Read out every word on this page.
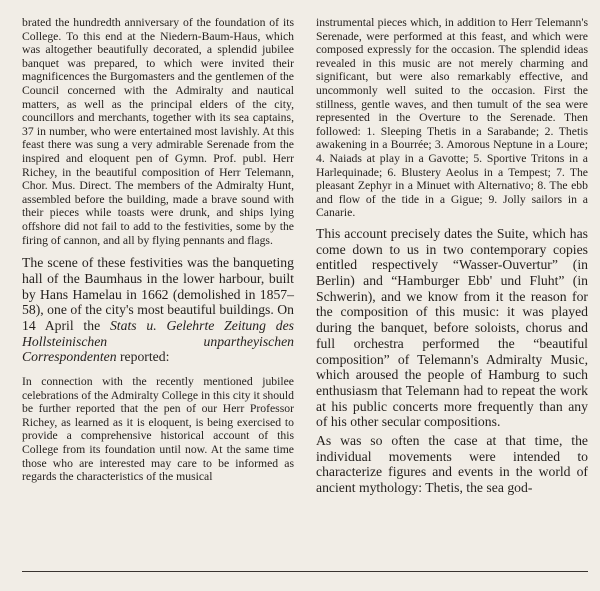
brated the hundredth anniversary of the foundation of its College. To this end at the Niedern-Baum-Haus, which was altogether beautifully decorated, a splendid jubilee banquet was prepared, to which were invited their magnificences the Burgomasters and the gentlemen of the Council concerned with the Admiralty and nautical matters, as well as the principal elders of the city, councillors and merchants, together with its sea captains, 37 in number, who were entertained most lavishly. At this feast there was sung a very admirable Serenade from the inspired and eloquent pen of Gymn. Prof. publ. Herr Richey, in the beautiful composition of Herr Telemann, Chor. Mus. Direct. The members of the Admiralty Hunt, assembled before the building, made a brave sound with their pieces while toasts were drunk, and ships lying offshore did not fail to add to the festivities, some by the firing of cannon, and all by flying pennants and flags.

The scene of these festivities was the banqueting hall of the Baumhaus in the lower harbour, built by Hans Hamelau in 1662 (demolished in 1857–58), one of the city's most beautiful buildings. On 14 April the Stats u. Gelehrte Zeitung des Hollsteinischen unpartheyischen Correspondenten reported:

In connection with the recently mentioned jubilee celebrations of the Admiralty College in this city it should be further reported that the pen of our Herr Professor Richey, as learned as it is eloquent, is being exercised to provide a comprehensive historical account of this College from its foundation until now. At the same time those who are interested may care to be informed as regards the characteristics of the musical

instrumental pieces which, in addition to Herr Telemann's Serenade, were performed at this feast, and which were composed expressly for the occasion. The splendid ideas revealed in this music are not merely charming and significant, but were also remarkably effective, and uncommonly well suited to the occasion. First the stillness, gentle waves, and then tumult of the sea were represented in the Overture to the Serenade. Then followed: 1. Sleeping Thetis in a Sarabande; 2. Thetis awakening in a Bourrée; 3. Amorous Neptune in a Loure; 4. Naiads at play in a Gavotte; 5. Sportive Tritons in a Harlequinade; 6. Blustery Aeolus in a Tempest; 7. The pleasant Zephyr in a Minuet with Alternativo; 8. The ebb and flow of the tide in a Gigue; 9. Jolly sailors in a Canarie.

This account precisely dates the Suite, which has come down to us in two contemporary copies entitled respectively “Wasser-Ouvertur” (in Berlin) and “Hamburger Ebb' und Fluht” (in Schwerin), and we know from it the reason for the composition of this music: it was played during the banquet, before soloists, chorus and full orchestra performed the “beautiful composition” of Telemann's Admiralty Music, which aroused the people of Hamburg to such enthusiasm that Telemann had to repeat the work at his public concerts more frequently than any of his other secular compositions.

As was so often the case at that time, the individual movements were intended to characterize figures and events in the world of ancient mythology: Thetis, the sea god-
